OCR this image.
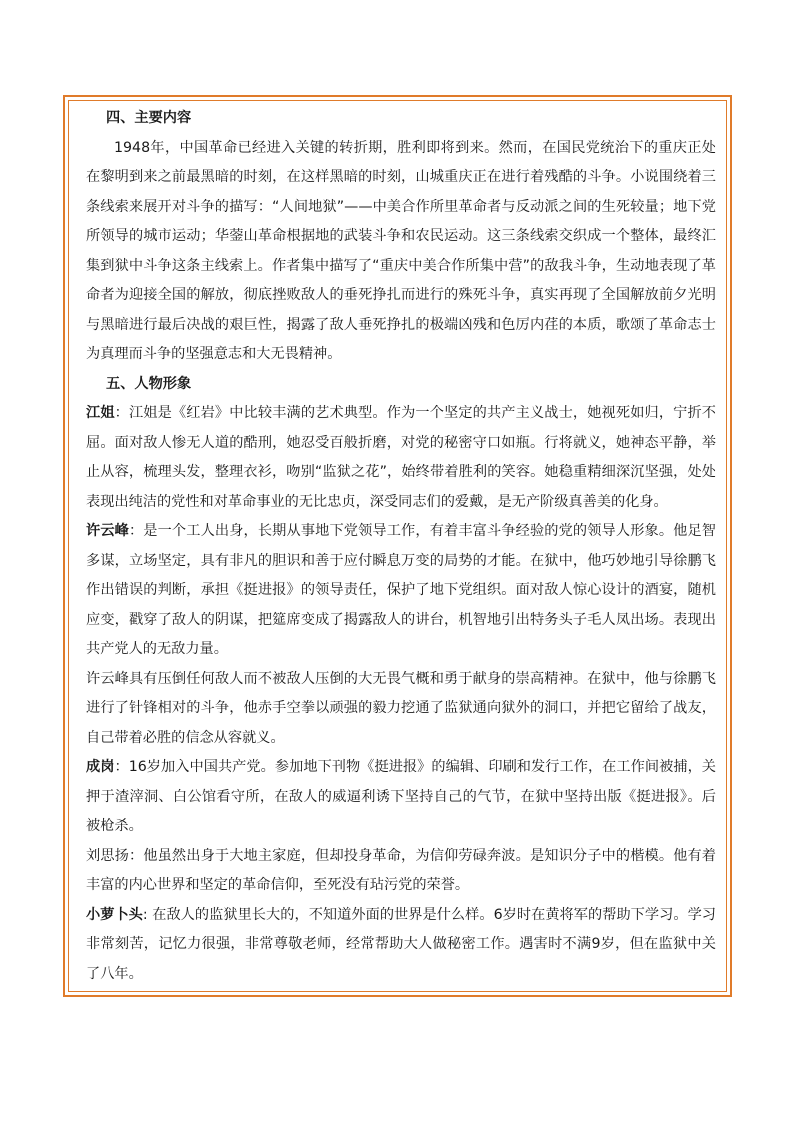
四、主要内容

1948年，中国革命已经进入关键的转折期，胜利即将到来。然而，在国民党统治下的重庆正处在黎明到来之前最黑暗的时刻，在这样黑暗的时刻，山城重庆正在进行着残酷的斗争。小说围绕着三条线索来展开对斗争的描写：“人间地狱”——中美合作所里革命者与反动派之间的生死较量；地下党所领导的城市运动；华蓥山革命根据地的武装斗争和农民运动。这三条线索交织成一个整体，最终汇集到狱中斗争这条主线索上。作者集中描写了“重庆中美合作所集中营”的敌我斗争，生动地表现了革命者为迎接全国的解放，彻底挫败敌人的垂死挣扎而进行的殊死斗争，真实再现了全国解放前夕光明与黑暗进行最后决战的艰巨性，揭露了敌人垂死挣扎的极端凶残和色厉内荏的本质，歌颂了革命志士为真理而斗争的坚强意志和大无畏精神。

五、人物形象

江姐：江姐是《红岩》中比较丰满的艺术典型。作为一个坚定的共产主义战士，她视死如归，宁折不屈。面对敌人惨无人道的酷刑，她忍受百般折磨，对党的秘密守口如瓶。行将就义，她神态平静，举止从容，梳理头发，整理衣衫，吻别“监狱之花”，始终带着胜利的笑容。她稳重精细深沉坚强，处处表现出纯洁的党性和对革命事业的无比忠贞，深受同志们的爱戴，是无产阶级真善美的化身。

许云峰：是一个工人出身，长期从事地下党领导工作，有着丰富斗争经验的党的领导人形象。他足智多谋，立场坚定，具有非凡的胆识和善于应付瞬息万变的局势的才能。在狱中，他巧妙地引导徐鹏飞作出错误的判断，承担《挺进报》的领导责任，保护了地下党组织。面对敌人惊心设计的酒宴，随机应变，戳穿了敌人的阴谋，把筵席变成了揭露敌人的讲台，机智地引出特务头子毛人凤出场。表现出共产党人的无敌力量。

许云峰具有压倒任何敌人而不被敌人压倒的大无畏气概和勇于献身的崇高精神。在狱中，他与徐鹏飞进行了针锋相对的斗争，他赤手空拳以顽强的毅力挖通了监狱通向狱外的洞口，并把它留给了战友，自己带着必胜的信念从容就义。

成岗：16岁加入中国共产党。参加地下刊物《挺进报》的编辑、印刷和发行工作，在工作间被捕，关押于渣滓洞、白公馆看守所，在敌人的威逼利诱下坚持自己的气节，在狱中坚持出版《挺进报》。后被枪杀。

刘思扬：他虽然出身于大地主家庭，但却投身革命，为信仰劳碌奔波。是知识分子中的楷模。他有着丰富的内心世界和坚定的革命信仰，至死没有玷污党的荣誉。

小萝卜头: 在敌人的监狱里长大的，不知道外面的世界是什么样。6岁时在黄将军的帮助下学习。学习非常刻苦，记忆力很强，非常尊敬老师，经常帮助大人做秘密工作。遇害时不满9岁，但在监狱中关了八年。
